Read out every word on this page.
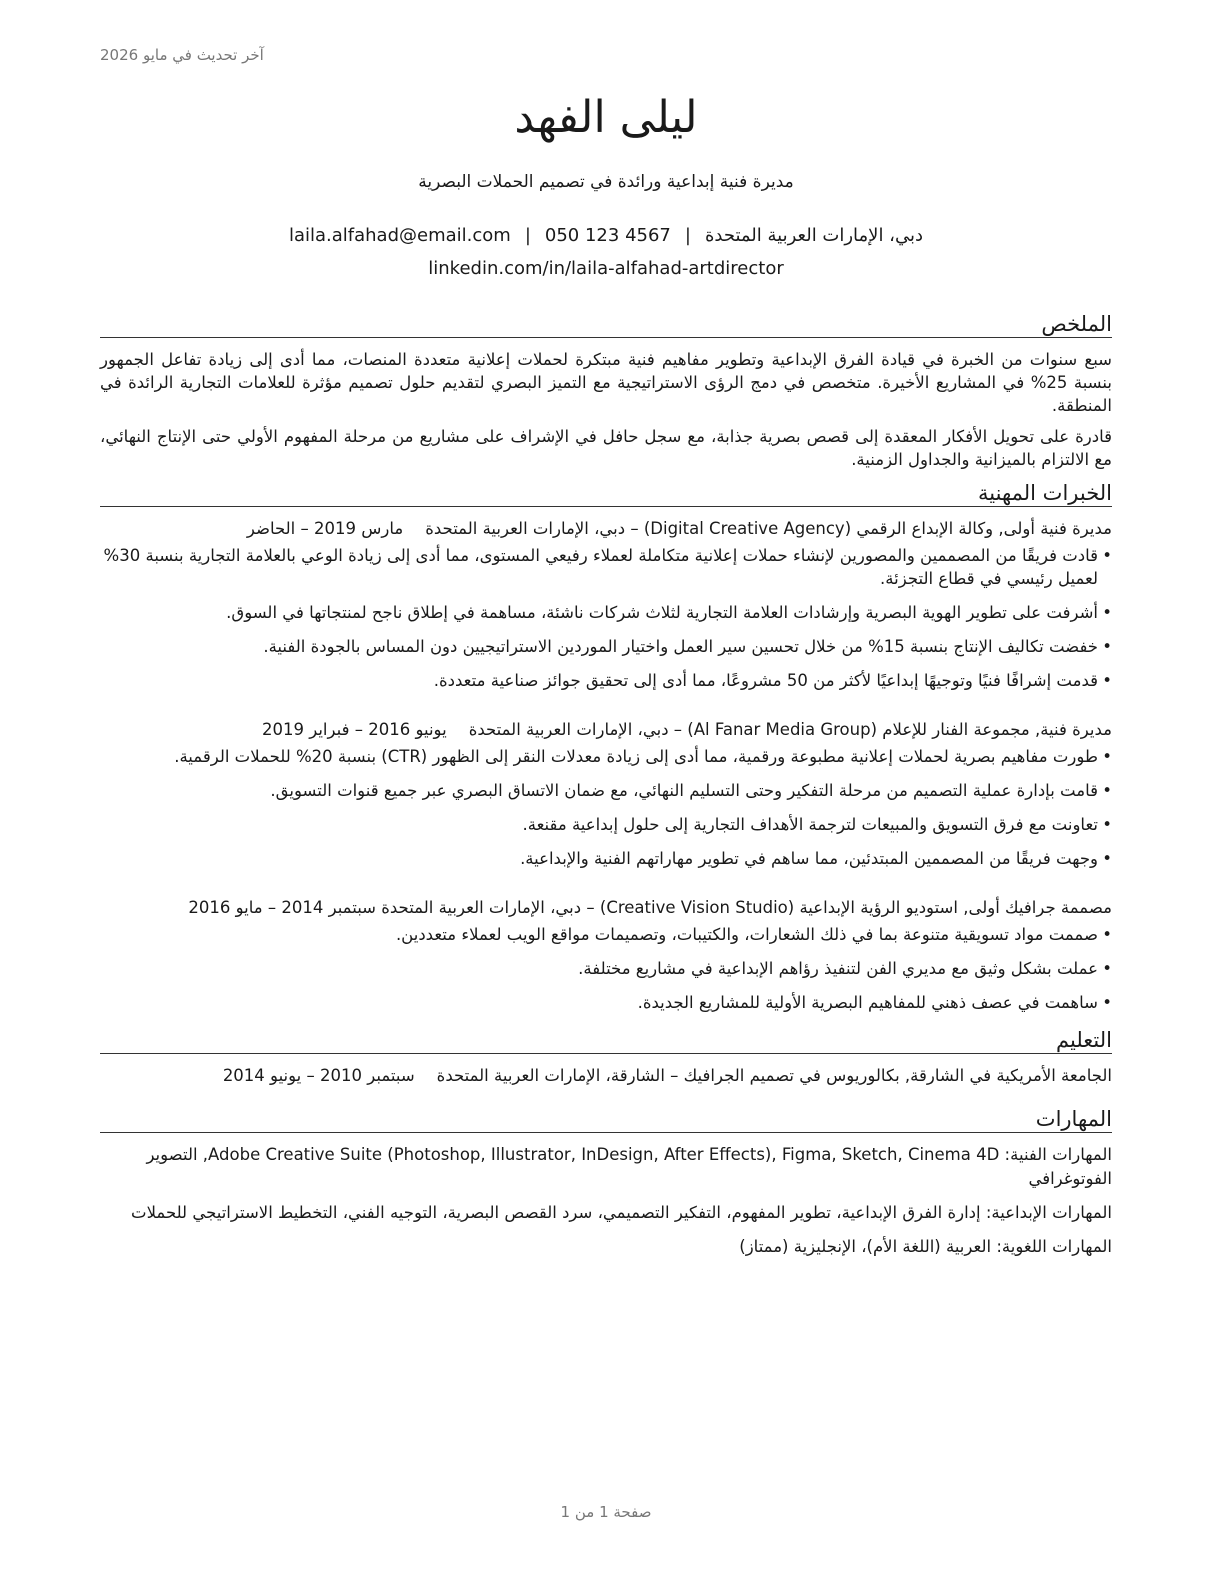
آخر تحديث في مايو 2026
ليلى الفهد
مديرة فنية إبداعية ورائدة في تصميم الحملات البصرية
دبي، الإمارات العربية المتحدة|laila.alfahad@email.com | 050 123 4567
linkedin.com/in/laila-alfahad-artdirector
الملخص

سبع سنوات من الخبرة في قيادة الفرق الإبداعية وتطوير مفاهيم فنية مبتكرة لحملات إعلانية متعددة المنصات، مما أدى إلى زيادة تفاعل الجمهور بنسبة 25% في المشاريع الأخيرة. متخصص في دمج الرؤى الاستراتيجية مع التميز البصري لتقديم حلول تصميم مؤثرة للعلامات التجارية الرائدة في المنطقة.

قادرة على تحويل الأفكار المعقدة إلى قصص بصرية جذابة، مع سجل حافل في الإشراف على مشاريع من مرحلة المفهوم الأولي حتى الإنتاج النهائي، مع الالتزام بالميزانية والجداول الزمنية.

الخبرات المهنية
مديرة فنية أولى, وكالة الإبداع الرقمي (Digital Creative Agency) – دبي، الإمارات العربية المتحدةمارس 2019 – الحاضر
• قادت فريقًا من المصممين والمصورين لإنشاء حملات إعلانية متكاملة لعملاء رفيعي المستوى، مما أدى إلى زيادة الوعي بالعلامة التجارية بنسبة 30% لعميل رئيسي في قطاع التجزئة.
• أشرفت على تطوير الهوية البصرية وإرشادات العلامة التجارية لثلاث شركات ناشئة، مساهمة في إطلاق ناجح لمنتجاتها في السوق.
• خفضت تكاليف الإنتاج بنسبة 15% من خلال تحسين سير العمل واختيار الموردين الاستراتيجيين دون المساس بالجودة الفنية.
• قدمت إشرافًا فنيًا وتوجيهًا إبداعيًا لأكثر من 50 مشروعًا، مما أدى إلى تحقيق جوائز صناعية متعددة.
مديرة فنية, مجموعة الفنار للإعلام (Al Fanar Media Group) – دبي، الإمارات العربية المتحدةيونيو 2016 – فبراير 2019
• طورت مفاهيم بصرية لحملات إعلانية مطبوعة ورقمية، مما أدى إلى زيادة معدلات النقر إلى الظهور (CTR) بنسبة 20% للحملات الرقمية.
• قامت بإدارة عملية التصميم من مرحلة التفكير وحتى التسليم النهائي، مع ضمان الاتساق البصري عبر جميع قنوات التسويق.
• تعاونت مع فرق التسويق والمبيعات لترجمة الأهداف التجارية إلى حلول إبداعية مقنعة.
• وجهت فريقًا من المصممين المبتدئين، مما ساهم في تطوير مهاراتهم الفنية والإبداعية.
مصممة جرافيك أولى, استوديو الرؤية الإبداعية (Creative Vision Studio) – دبي، الإمارات العربية المتحدة سبتمبر 2014 – مايو 2016
• صممت مواد تسويقية متنوعة بما في ذلك الشعارات، والكتيبات، وتصميمات مواقع الويب لعملاء متعددين.
• عملت بشكل وثيق مع مديري الفن لتنفيذ رؤاهم الإبداعية في مشاريع مختلفة.
• ساهمت في عصف ذهني للمفاهيم البصرية الأولية للمشاريع الجديدة.
التعليم
الجامعة الأمريكية في الشارقة, بكالوريوس في تصميم الجرافيك – الشارقة، الإمارات العربية المتحدةسبتمبر 2010 – يونيو 2014
المهارات
المهارات الفنية: Adobe Creative Suite (Photoshop, Illustrator, InDesign, After Effects), Figma, Sketch, Cinema 4D, التصوير الفوتوغرافي
المهارات الإبداعية: إدارة الفرق الإبداعية، تطوير المفهوم، التفكير التصميمي، سرد القصص البصرية، التوجيه الفني، التخطيط الاستراتيجي للحملات
المهارات اللغوية: العربية (اللغة الأم)، الإنجليزية (ممتاز)
صفحة 1 من 1
